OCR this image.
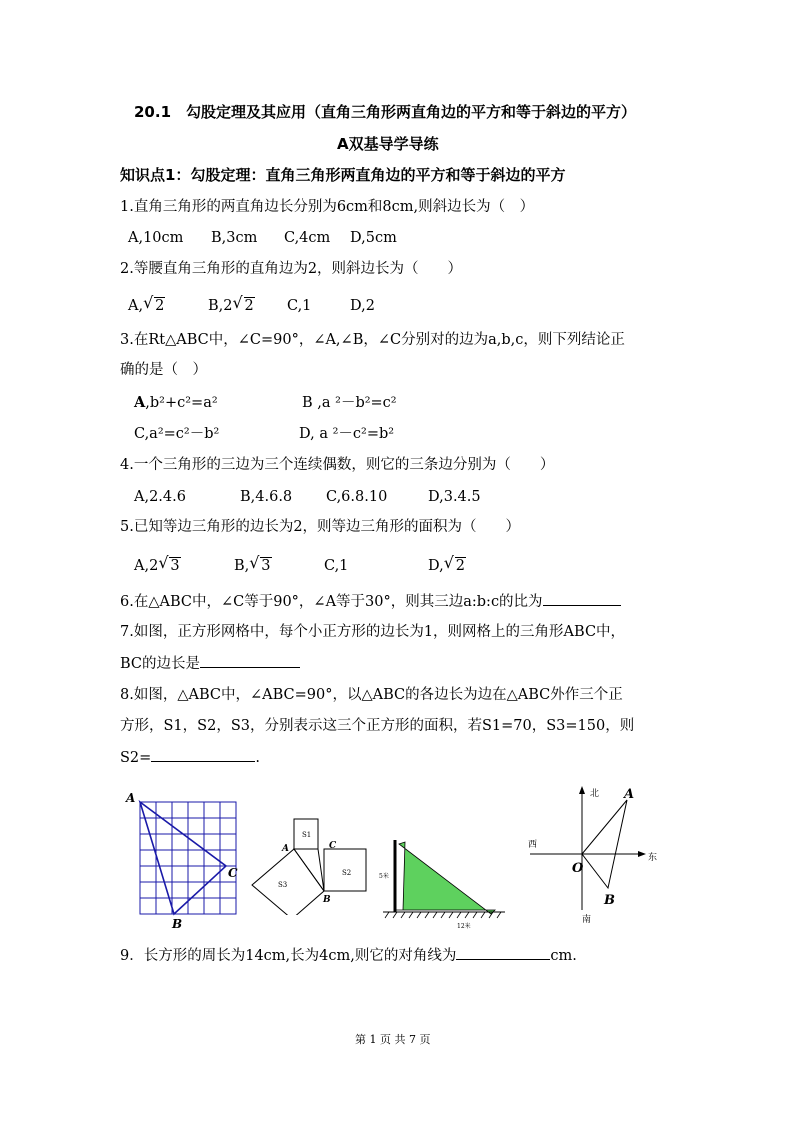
20.1　勾股定理及其应用（直角三角形两直角边的平方和等于斜边的平方）
A双基导学导练
知识点1：勾股定理：直角三角形两直角边的平方和等于斜边的平方
1.直角三角形的两直角边长分别为6cm和8cm,则斜边长为（　）
A,10cm B,3cm C,4cm D,5cm
2.等腰直角三角形的直角边为2，则斜边长为（　　）
A, √ 2	B,2 √ 2 C,1	D,2
3.在Rt△ABC中，∠C=90°，∠A,∠B，∠C分别对的边为a,b,c，则下列结论正
确的是（　）
A,b²+c²=a²	B ,a ²－b²=c²
C,a²=c²－b²	D, a ²－c²=b²
4.一个三角形的三边为三个连续偶数，则它的三条边分别为（　　）
A,2.4.6	B,4.6.8 C,6.8.10	D,3.4.5
5.已知等边三角形的边长为2，则等边三角形的面积为（　　）
A,2 √ 3	B, √ 3	C,1	D, √ 2
6.在△ABC中，∠C等于90°，∠A等于30°，则其三边a:b:c的比为
7.如图，正方形网格中，每个小正方形的边长为1，则网格上的三角形ABC中，
BC的边长是
8.如图，△ABC中，∠ABC=90°，以△ABC的各边长为边在△ABC外作三个正
方形，S1，S2，S3，分别表示这三个正方形的面积，若S1=70，S3=150，则
S2=	.
A
C
B
S1
S2
S3
A	C
B
5米
12米
北
南
西
东
O
A
B
9．长方形的周长为14cm,长为4cm,则它的对角线为	cm.
第 1 页 共 7 页
